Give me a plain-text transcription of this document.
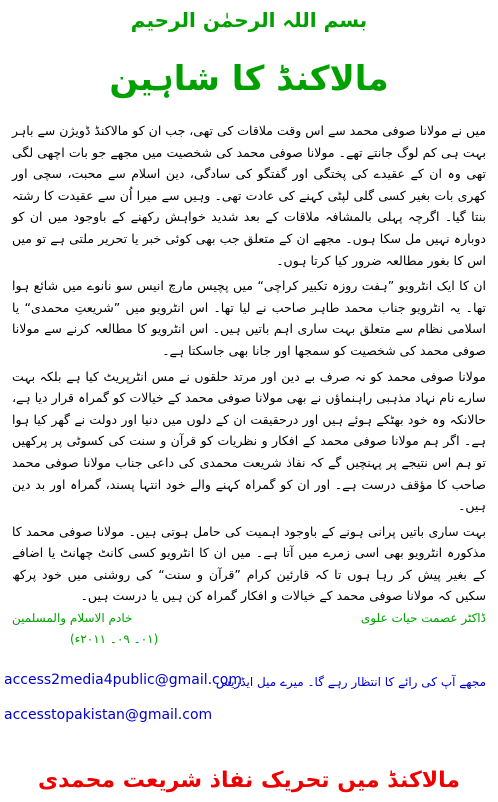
بسم اللہ الرحمٰن الرحیم
مالاکنڈ کا شاہین

میں نے مولانا صوفی محمد سے اس وقت ملاقات کی تھی، جب ان کو مالاکنڈ ڈویژن سے باہر بہت ہی کم لوگ جانتے تھے۔ مولانا صوفی محمد کی شخصیت میں مجھے جو بات اچھی لگی تھی وہ ان کے عقیدے کی پختگی اور گفتگو کی سادگی، دین اسلام سے محبت، سچی اور کھری بات بغیر کسی گلی لپٹی کہنے کی عادت تھی۔ وہیں سے میرا اُن سے عقیدت کا رشتہ بنتا گیا۔ اگرچہ پہلی بالمشافہ ملاقات کے بعد شدید خواہش رکھنے کے باوجود میں ان کو دوبارہ نہیں مل سکا ہوں۔ مجھے ان کے متعلق جب بھی کوئی خبر یا تحریر ملتی ہے تو میں اس کا بغور مطالعہ ضرور کیا کرتا ہوں۔

ان کا ایک انٹرویو ”ہفت روزہ تکبیر کراچی“ میں پچیس مارچ انیس سو نانوے میں شائع ہوا تھا۔ یہ انٹرویو جناب محمد طاہر صاحب نے لیا تھا۔ اس انٹرویو میں ”شریعتِ محمدی“ یا اسلامی نظام سے متعلق بہت ساری اہم باتیں ہیں۔ اس انٹرویو کا مطالعہ کرنے سے مولانا صوفی محمد کی شخصیت کو سمجھا اور جانا بھی جاسکتا ہے۔

مولانا صوفی محمد کو نہ صرف بے دین اور مرتد حلقوں نے مس انٹرپریٹ کیا ہے بلکہ بہت سارے نام نہاد مذہبی راہنماؤں نے بھی مولانا صوفی محمد کے خیالات کو گمراہ قرار دیا ہے، حالانکہ وہ خود بھٹکے ہوئے ہیں اور درحقیقت ان کے دلوں میں دنیا اور دولت نے گھر کیا ہوا ہے۔ اگر ہم مولانا صوفی محمد کے افکار و نظریات کو قرآن و سنت کی کسوٹی پر پرکھیں تو ہم اس نتیجے پر پہنچیں گے کہ نفاذ شریعت محمدی کی داعی جناب مولانا صوفی محمد صاحب کا مؤقف درست ہے۔ اور ان کو گمراہ کہنے والے خود انتہا پسند، گمراہ اور بد دین ہیں۔

بہت ساری باتیں پرانی ہونے کے باوجود اہمیت کی حامل ہوتی ہیں۔ مولانا صوفی محمد کا مذکورہ انٹرویو بھی اسی زمرے میں آتا ہے۔ میں ان کا انٹرویو کسی کانٹ چھانٹ یا اضافے کے بغیر پیش کر رہا ہوں تا کہ قارئین کرام ”قرآن و سنت“ کی روشنی میں خود پرکھ سکیں کہ مولانا صوفی محمد کے خیالات و افکار گمراہ کن ہیں یا درست ہیں۔

خادم الاسلام والمسلمین	ڈاکٹر عصمت حیات علوی
(۰۱۔ ۰۹۔ ۲۰۱۱ء)
مجھے آپ کی رائے کا انتظار رہے گا۔ میرے میل ایڈریس
access2media4public@gmail.com
accesstopakistan@gmail.com
مالاکنڈ میں تحریک نفاذ شریعت محمدی
